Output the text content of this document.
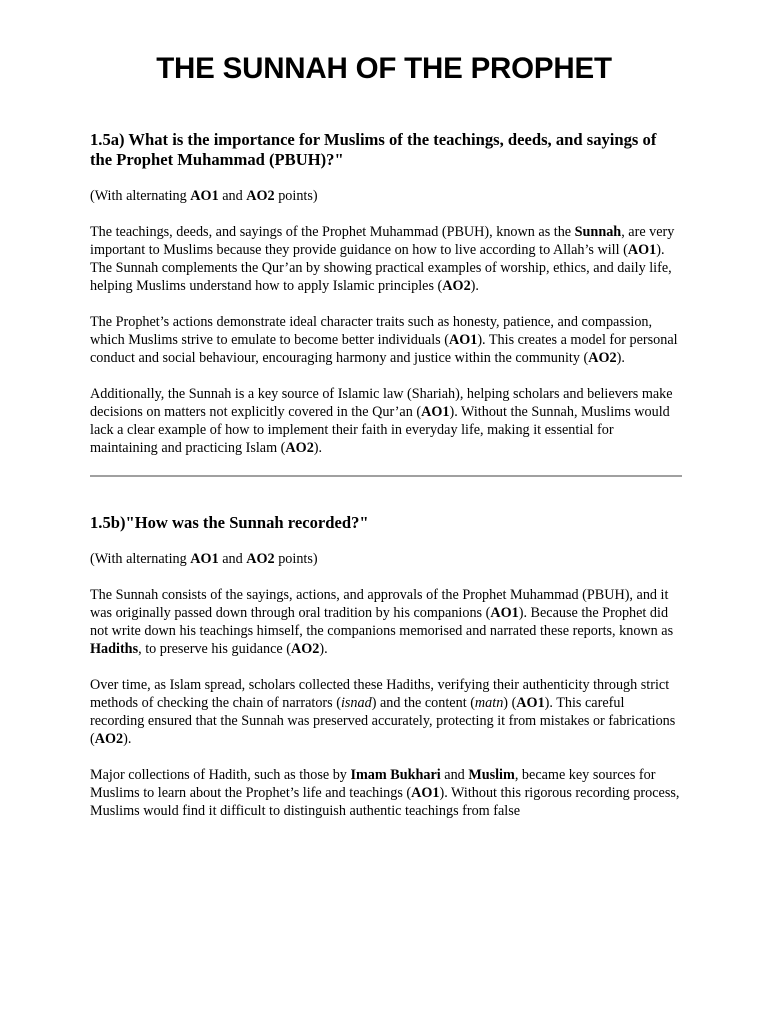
THE SUNNAH OF THE PROPHET
1.5a) What is the importance for Muslims of the teachings, deeds, and sayings of the Prophet Muhammad (PBUH)?"

(With alternating AO1 and AO2 points)

The teachings, deeds, and sayings of the Prophet Muhammad (PBUH), known as the Sunnah, are very important to Muslims because they provide guidance on how to live according to Allah’s will (AO1). The Sunnah complements the Qur’an by showing practical examples of worship, ethics, and daily life, helping Muslims understand how to apply Islamic principles (AO2).

The Prophet’s actions demonstrate ideal character traits such as honesty, patience, and compassion, which Muslims strive to emulate to become better individuals (AO1). This creates a model for personal conduct and social behaviour, encouraging harmony and justice within the community (AO2).

Additionally, the Sunnah is a key source of Islamic law (Shariah), helping scholars and believers make decisions on matters not explicitly covered in the Qur’an (AO1). Without the Sunnah, Muslims would lack a clear example of how to implement their faith in everyday life, making it essential for maintaining and practicing Islam (AO2).

1.5b)"How was the Sunnah recorded?"

(With alternating AO1 and AO2 points)

The Sunnah consists of the sayings, actions, and approvals of the Prophet Muhammad (PBUH), and it was originally passed down through oral tradition by his companions (AO1). Because the Prophet did not write down his teachings himself, the companions memorised and narrated these reports, known as Hadiths, to preserve his guidance (AO2).

Over time, as Islam spread, scholars collected these Hadiths, verifying their authenticity through strict methods of checking the chain of narrators (isnad) and the content (matn) (AO1). This careful recording ensured that the Sunnah was preserved accurately, protecting it from mistakes or fabrications (AO2).

Major collections of Hadith, such as those by Imam Bukhari and Muslim, became key sources for Muslims to learn about the Prophet’s life and teachings (AO1). Without this rigorous recording process, Muslims would find it difficult to distinguish authentic teachings from false
